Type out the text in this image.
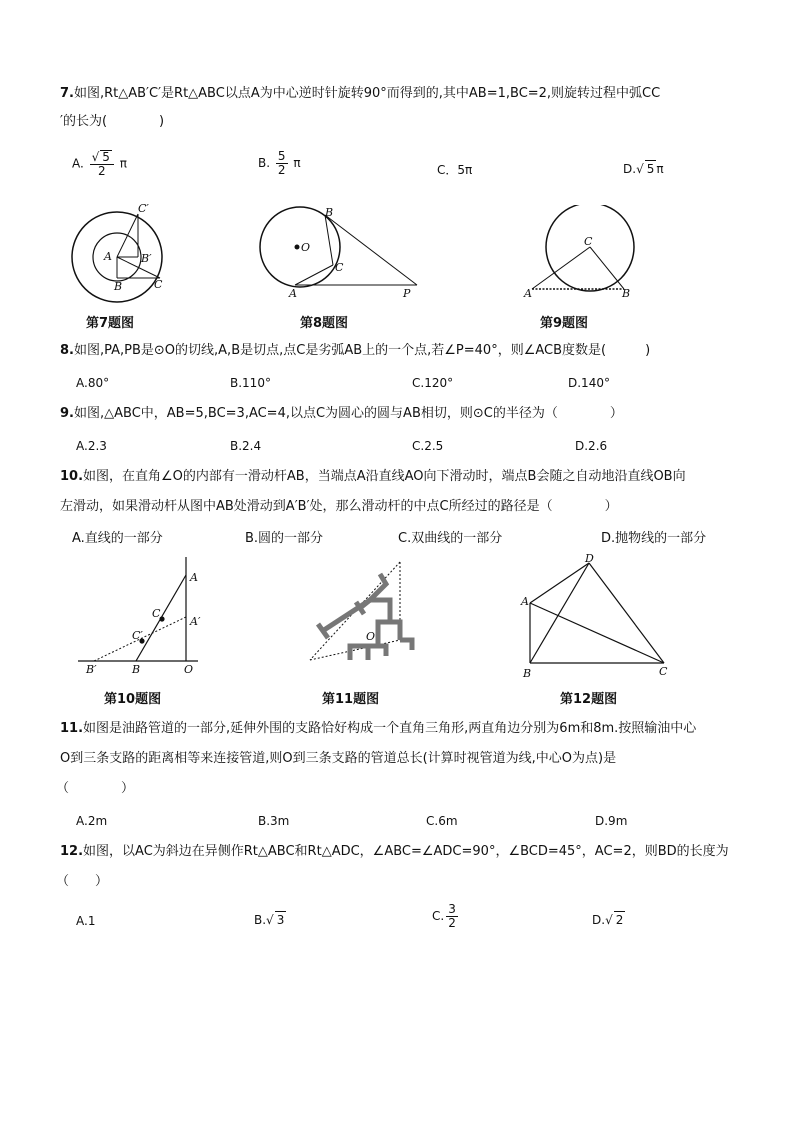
7.如图,Rt△AB′C′是Rt△ABC以点A为中心逆时针旋转90°而得到的,其中AB=1,BC=2,则旋转过程中弧CC
′的长为(　　　　)
A. $\frac{√ 5}{2}$ π	B. $\frac{5}{2}$ π	C．5π	D.√ 5 π
A
B	C
B′
C′
第7题图
O
A
B
C
P
第8题图
C
A	B
第9题图
8.如图,PA,PB是⊙O的切线,A,B是切点,点C是劣弧AB上的一个点,若∠P=40°，则∠ACB度数是(　　　)
A.80°	B.110°	C.120°	D.140°
9.如图,△ABC中，AB=5,BC=3,AC=4,以点C为圆心的圆与AB相切，则⊙C的半径为（　　　　）
A.2.3	B.2.4	C.2.5	D.2.6
10.如图，在直角∠O的内部有一滑动杆AB，当端点A沿直线AO向下滑动时，端点B会随之自动地沿直线OB向
左滑动，如果滑动杆从图中AB处滑动到A′B′处，那么滑动杆的中点C所经过的路径是（　　　　）
A.直线的一部分	B.圆的一部分	C.双曲线的一部分	D.抛物线的一部分
A
A′
C
C′
B′	B	O
第10题图
O
第11题图
D
A
B	C
第12题图
11.如图是油路管道的一部分,延伸外围的支路恰好构成一个直角三角形,两直角边分别为6m和8m.按照输油中心
O到三条支路的距离相等来连接管道,则O到三条支路的管道总长(计算时视管道为线,中心O为点)是
（　　　　）
A.2m	B.3m	C.6m	D.9m
12.如图，以AC为斜边在异侧作Rt△ABC和Rt△ADC，∠ABC=∠ADC=90°，∠BCD=45°，AC=2，则BD的长度为
（　　）
A.1	B.√ 3	C. $\frac{3}{2}$	D.√ 2
